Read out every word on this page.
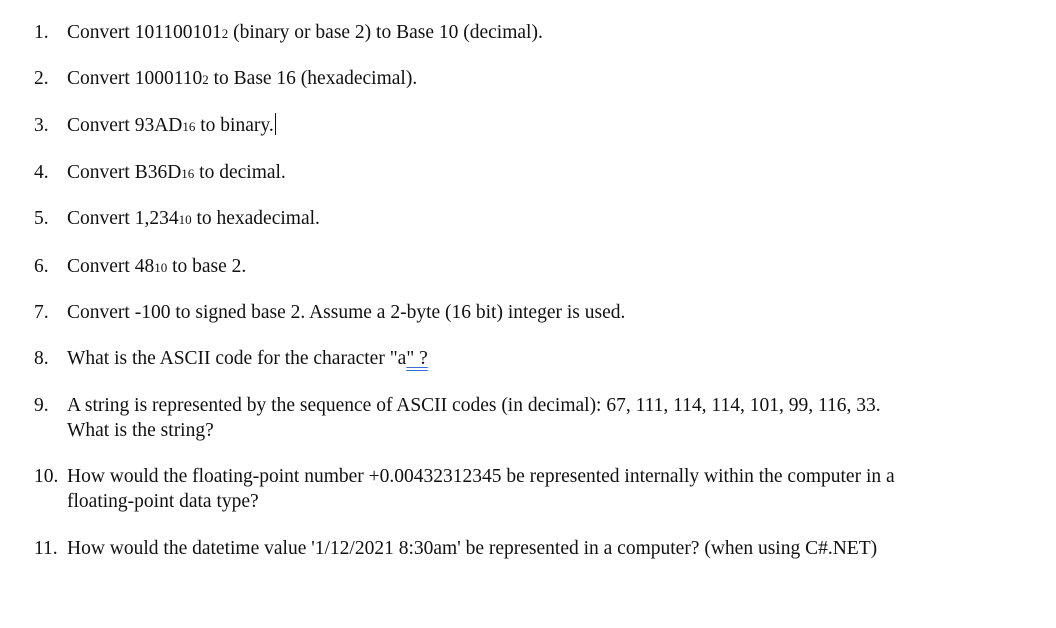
1. Convert 1011001012 (binary or base 2) to Base 10 (decimal).
2. Convert 10001102 to Base 16 (hexadecimal).
3. Convert 93AD16 to binary.
4. Convert B36D16 to decimal.
5. Convert 1,23410 to hexadecimal.
6. Convert 4810 to base 2.
7. Convert -100 to signed base 2. Assume a 2-byte (16 bit) integer is used.
8. What is the ASCII code for the character "a" ?
9. A string is represented by the sequence of ASCII codes (in decimal): 67, 111, 114, 114, 101, 99, 116, 33.
What is the string?
10. How would the floating-point number +0.00432312345 be represented internally within the computer in a
floating-point data type?
11. How would the datetime value '1/12/2021 8:30am' be represented in a computer? (when using C#.NET)
